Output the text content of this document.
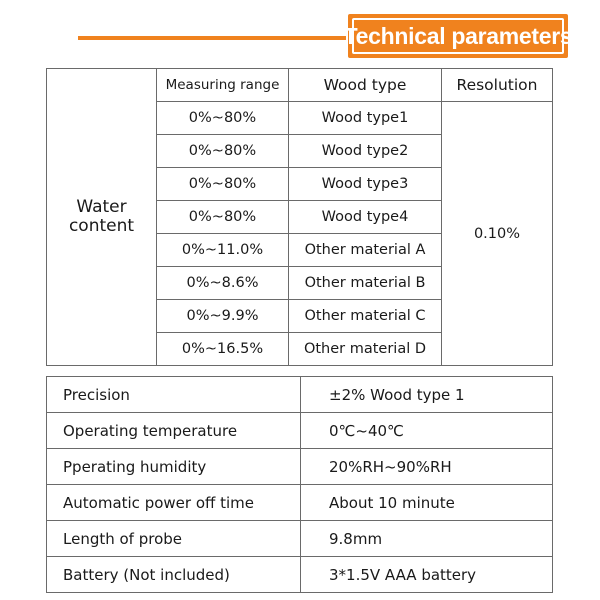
Technical parameters
Water content	Measuring range	Wood type	Resolution
	0%~80%	Wood type1	0.10%
	0%~80%	Wood type2	
	0%~80%	Wood type3	
	0%~80%	Wood type4	
	0%~11.0%	Other material A	
	0%~8.6%	Other material B	
	0%~9.9%	Other material C	
	0%~16.5%	Other material D	
Precision	±2% Wood type 1
Operating temperature	0℃~40℃
Pperating humidity	20%RH~90%RH
Automatic power off time	About 10 minute
Length of probe	9.8mm
Battery (Not included)	3*1.5V AAA battery
